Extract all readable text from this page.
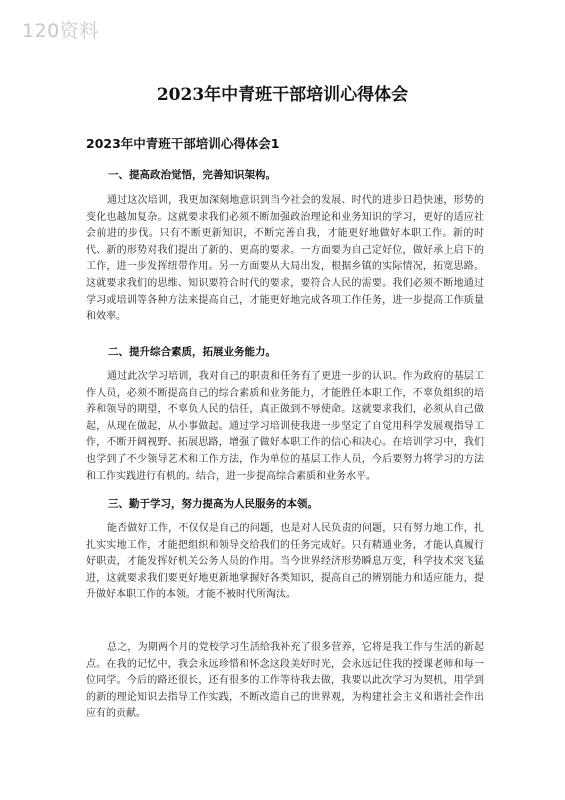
120资料
2023年中青班干部培训心得体会
2023年中青班干部培训心得体会1

一、提高政治觉悟，完善知识架构。

通过这次培训，我更加深刻地意识到当今社会的发展、时代的进步日趋快速，形势的变化也越加复杂。这就要求我们必须不断加强政治理论和业务知识的学习，更好的适应社会前进的步伐。只有不断更新知识，不断完善自我，才能更好地做好本职工作。新的时代、新的形势对我们提出了新的、更高的要求。一方面要为自己定好位，做好承上启下的工作，进一步发挥纽带作用。另一方面要从大局出发，根据乡镇的实际情况，拓宽思路。这就要求我们的思维、知识要符合时代的要求，要符合人民的需要。我们必须不断地通过学习或培训等各种方法来提高自己，才能更好地完成各项工作任务，进一步提高工作质量和效率。

二、提升综合素质，拓展业务能力。

通过此次学习培训，我对自己的职责和任务有了更进一步的认识。作为政府的基层工作人员，必须不断提高自己的综合素质和业务能力，才能胜任本职工作，不辜负组织的培养和领导的期望，不辜负人民的信任，真正做到不辱使命。这就要求我们，必须从自己做起，从现在做起，从小事做起。通过学习培训使我进一步坚定了自觉用科学发展观指导工作，不断开阔视野、拓展思路，增强了做好本职工作的信心和决心。在培训学习中，我们也学到了不少领导艺术和工作方法，作为单位的基层工作人员，今后要努力将学习的方法和工作实践进行有机的。结合，进一步提高综合素质和业务水平。

三、勤于学习，努力提高为人民服务的本领。

能否做好工作，不仅仅是自己的问题，也是对人民负责的问题，只有努力地工作，扎扎实实地工作，才能把组织和领导交给我们的任务完成好。只有精通业务，才能认真履行好职责，才能发挥好机关公务人员的作用。当今世界经济形势瞬息万变，科学技术突飞猛进，这就要求我们要更好地更新地掌握好各类知识，提高自己的辨别能力和适应能力，提升做好本职工作的本领。才能不被时代所淘汰。

总之，为期两个月的党校学习生活给我补充了很多营养，它将是我工作与生活的新起点。在我的记忆中，我会永远珍惜和怀念这段美好时光，会永远记住我的授课老师和每一位同学。今后的路还很长，还有很多的工作等待我去做，我要以此次学习为契机，用学到的新的理论知识去指导工作实践，不断改造自己的世界观，为构建社会主义和谐社会作出应有的贡献。
